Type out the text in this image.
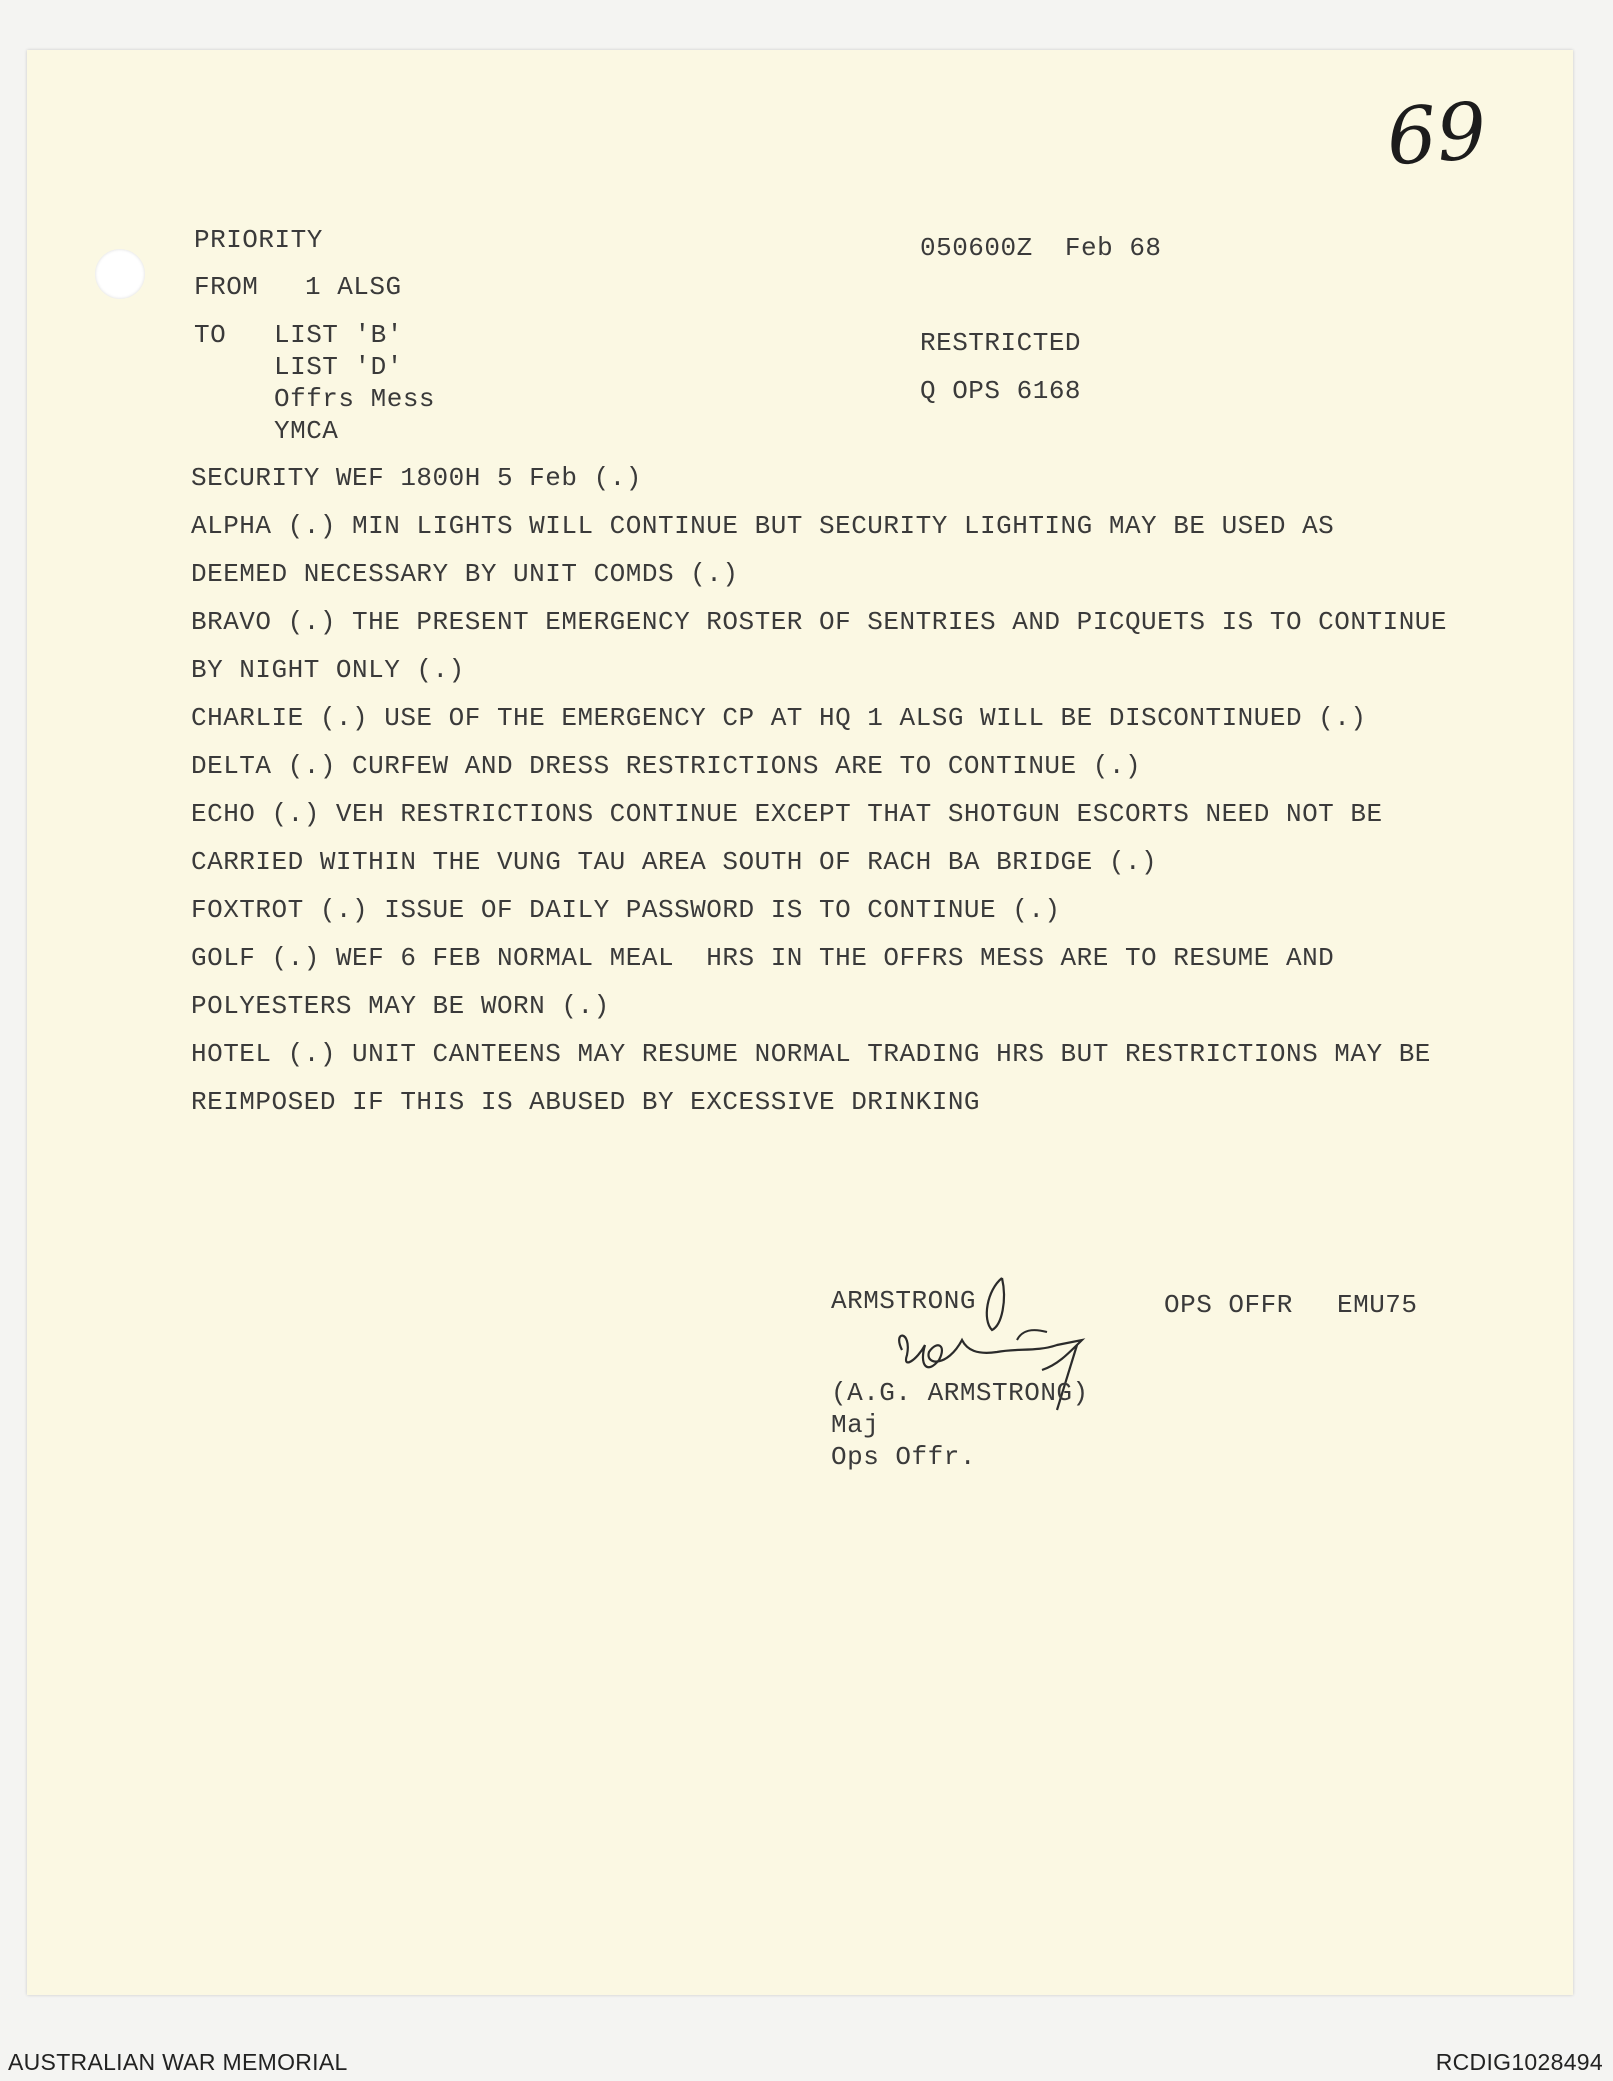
69
PRIORITY	050600Z  Feb 68
FROM 1 ALSG
TO LIST 'B'
LIST 'D'
Offrs Mess
YMCA
RESTRICTED
Q OPS 6168
SECURITY WEF 1800H 5 Feb (.)
ALPHA (.) MIN LIGHTS WILL CONTINUE BUT SECURITY LIGHTING MAY BE USED AS
DEEMED NECESSARY BY UNIT COMDS (.)
BRAVO (.) THE PRESENT EMERGENCY ROSTER OF SENTRIES AND PICQUETS IS TO CONTINUE
BY NIGHT ONLY (.)
CHARLIE (.) USE OF THE EMERGENCY CP AT HQ 1 ALSG WILL BE DISCONTINUED (.)
DELTA (.) CURFEW AND DRESS RESTRICTIONS ARE TO CONTINUE (.)
ECHO (.) VEH RESTRICTIONS CONTINUE EXCEPT THAT SHOTGUN ESCORTS NEED NOT BE
CARRIED WITHIN THE VUNG TAU AREA SOUTH OF RACH BA BRIDGE (.)
FOXTROT (.) ISSUE OF DAILY PASSWORD IS TO CONTINUE (.)
GOLF (.) WEF 6 FEB NORMAL MEAL  HRS IN THE OFFRS MESS ARE TO RESUME AND
POLYESTERS MAY BE WORN (.)
HOTEL (.) UNIT CANTEENS MAY RESUME NORMAL TRADING HRS BUT RESTRICTIONS MAY BE
REIMPOSED IF THIS IS ABUSED BY EXCESSIVE DRINKING
ARMSTRONG	OPS OFFR EMU75
(A.G. ARMSTRONG)
Maj
Ops Offr.
AUSTRALIAN WAR MEMORIAL	RCDIG1028494
